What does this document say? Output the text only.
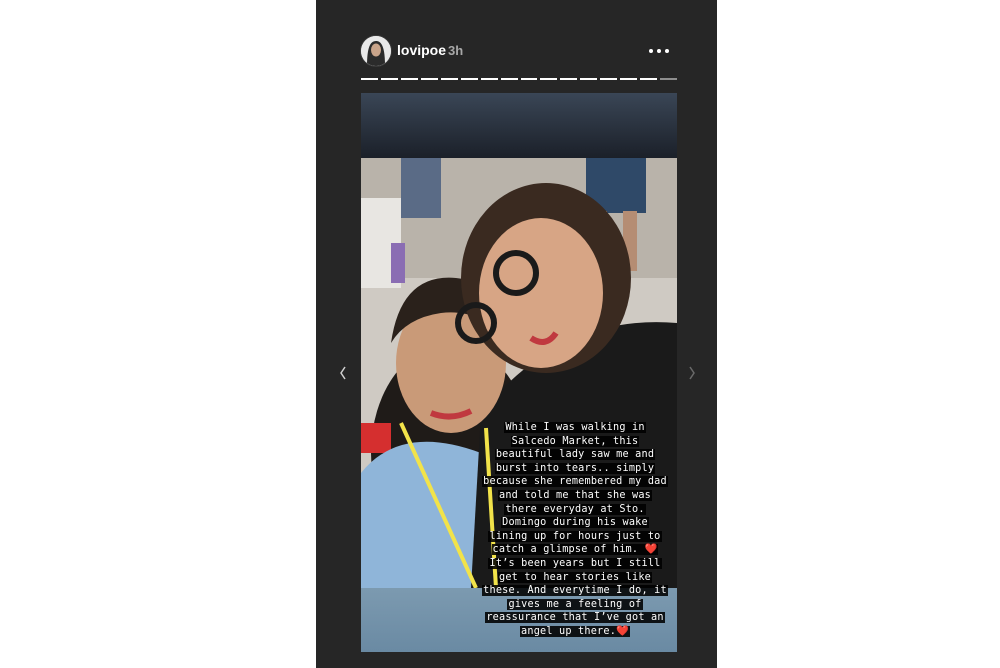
lovipoe 3h
While I was walking in Salcedo Market, this beautiful lady saw me and burst into tears.. simply because she remembered my dad and told me that she was there everyday at Sto. Domingo during his wake lining up for hours just to catch a glimpse of him. ❤️ It’s been years but I still get to hear stories like these. And everytime I do, it gives me a feeling of reassurance that I’ve got an angel up there.❤️
